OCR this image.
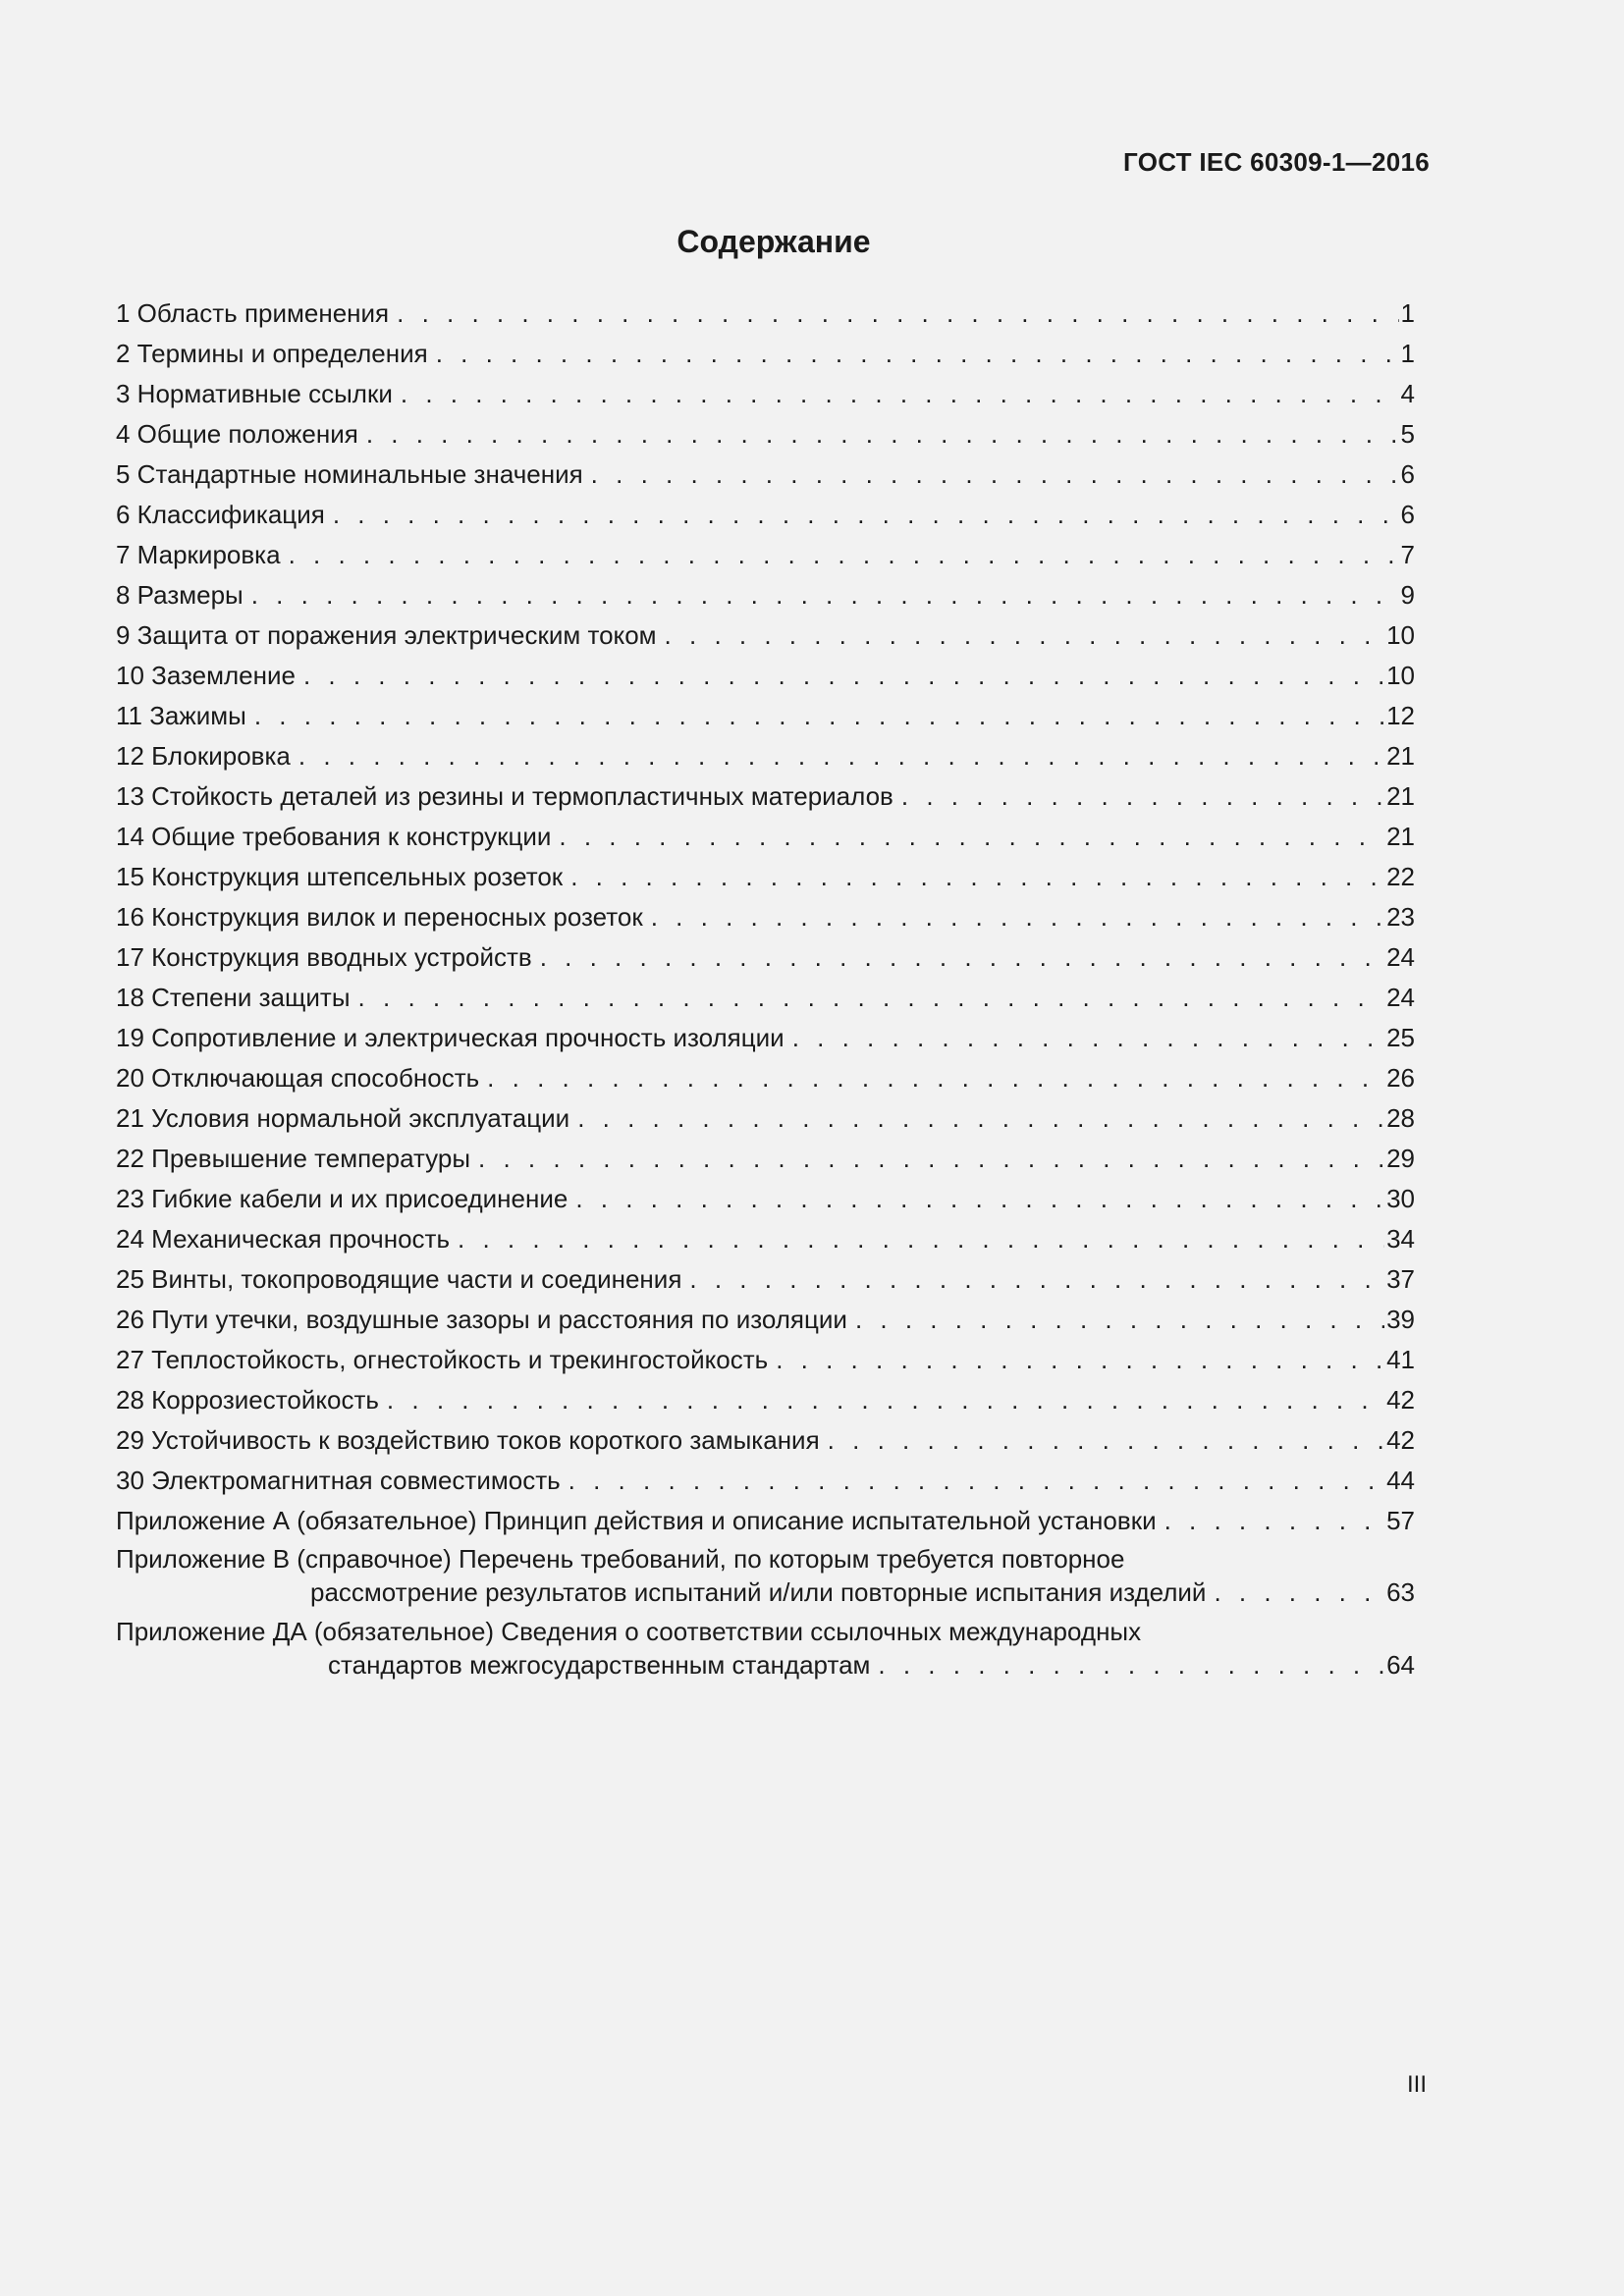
ГОСТ IEC 60309-1—2016
Содержание
1 Область применения . . .	1
2 Термины и определения . . .	1
3 Нормативные ссылки . . .	4
4 Общие положения . . .	5
5 Стандартные номинальные значения . . .	6
6 Классификация . . .	6
7 Маркировка . . .	7
8 Размеры . . .	9
9 Защита от поражения электрическим током . . .	10
10 Заземление . . .	10
11 Зажимы . . .	12
12 Блокировка . . .	21
13 Стойкость деталей из резины и термопластичных материалов . . .	21
14 Общие требования к конструкции . . .	21
15 Конструкция штепсельных розеток . . .	22
16 Конструкция вилок и переносных розеток . . .	23
17 Конструкция вводных устройств . . .	24
18 Степени защиты . . .	24
19 Сопротивление и электрическая прочность изоляции . . .	25
20 Отключающая способность . . .	26
21 Условия нормальной эксплуатации . . .	28
22 Превышение температуры . . .	29
23 Гибкие кабели и их присоединение . . .	30
24 Механическая прочность . . .	34
25 Винты, токопроводящие части и соединения . . .	37
26 Пути утечки, воздушные зазоры и расстояния по изоляции . . .	39
27 Теплостойкость, огнестойкость и трекингостойкость . . .	41
28 Коррозиестойкость . . .	42
29 Устойчивость к воздействию токов короткого замыкания . . .	42
30 Электромагнитная совместимость . . .	44
Приложение А (обязательное) Принцип действия и описание испытательной установки . . .	57
Приложение В (справочное) Перечень требований, по которым требуется повторное
рассмотрение результатов испытаний и/или повторные испытания изделий . . .	63
Приложение ДА (обязательное) Сведения о соответствии ссылочных международных
стандартов межгосударственным стандартам . . .	64
III
